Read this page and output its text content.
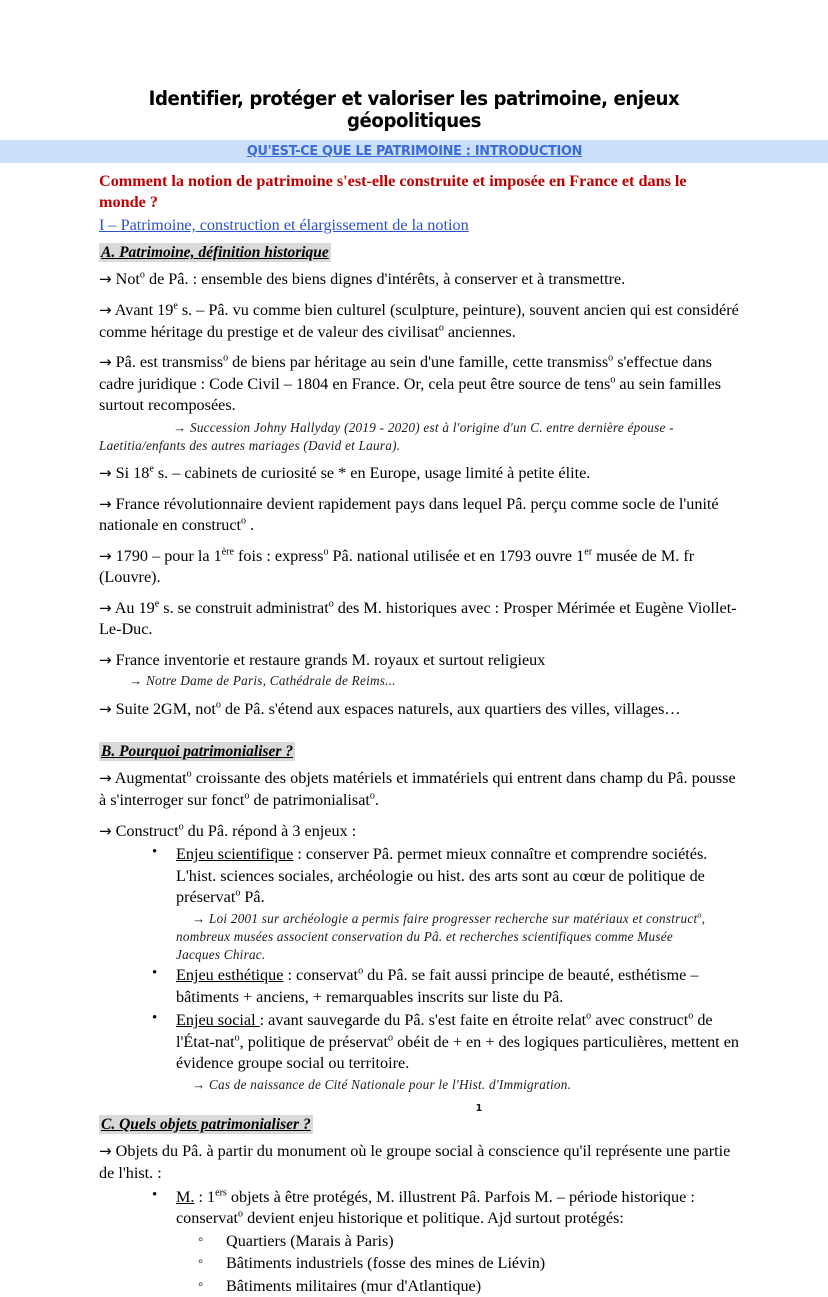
Identifier, protéger et valoriser les patrimoine, enjeux géopolitiques
QU'EST-CE QUE LE PATRIMOINE : INTRODUCTION

Comment la notion de patrimoine s'est-elle construite et imposée en France et dans le
monde ?

I – Patrimoine, construction et élargissement de la notion

A. Patrimoine, définition historique

→ Not$^o$ de Pâ. : ensemble des biens dignes d'intérêts, à conserver et à transmettre.

→ Avant 19e s. – Pâ. vu comme bien culturel (sculpture, peinture), souvent ancien qui est considéré comme héritage du prestige et de valeur des civilisat$^o$ anciennes.

→ Pâ. est transmiss$^o$ de biens par héritage au sein d'une famille, cette transmiss$^o$ s'effectue dans cadre juridique : Code Civil – 1804 en France. Or, cela peut être source de tens$^o$ au sein familles surtout recomposées.

→ Succession Johny Hallyday (2019 - 2020) est à l'origine d'un C. entre dernière épouse -

Laetitia/enfants des autres mariages (David et Laura).

→ Si 18e s. – cabinets de curiosité se * en Europe, usage limité à petite élite.

→ France révolutionnaire devient rapidement pays dans lequel Pâ. perçu comme socle de l'unité nationale en construct$^o$ .

→ 1790 – pour la 1ère fois : express$^o$ Pâ. national utilisée et en 1793 ouvre 1er musée de M. fr (Louvre).

→ Au 19e s. se construit administrat$^o$ des M. historiques avec : Prosper Mérimée et Eugène Viollet-Le-Duc.

→ France inventorie et restaure grands M. royaux et surtout religieux

→ Notre Dame de Paris, Cathédrale de Reims...

→ Suite 2GM, not$^o$ de Pâ. s'étend aux espaces naturels, aux quartiers des villes, villages…

B. Pourquoi patrimonialiser ?

→ Augmentat$^o$ croissante des objets matériels et immatériels qui entrent dans champ du Pâ. pousse à s'interroger sur fonct$^o$ de patrimonialisat$^o$.

→ Construct$^o$ du Pâ. répond à 3 enjeux :

• Enjeu scientifique : conserver Pâ. permet mieux connaître et comprendre sociétés. L'hist. sciences sociales, archéologie ou hist. des arts sont au cœur de politique de préservat$^o$ Pâ.

→ Loi 2001 sur archéologie a permis faire progresser recherche sur matériaux et construct$^o$,

nombreux musées associent conservation du Pâ. et recherches scientifiques comme Musée

Jacques Chirac.

• Enjeu esthétique : conservat$^o$ du Pâ. se fait aussi principe de beauté, esthétisme – bâtiments + anciens, + remarquables inscrits sur liste du Pâ.
• Enjeu social : avant sauvegarde du Pâ. s'est faite en étroite relat$^o$ avec construct$^o$ de l'État-nat$^o$, politique de préservat$^o$ obéit de + en + des logiques particulières, mettent en évidence groupe social ou territoire.

→ Cas de naissance de Cité Nationale pour le l'Hist. d'Immigration.

C. Quels objets patrimonialiser ?

→ Objets du Pâ. à partir du monument où le groupe social à conscience qu'il représente une partie de l'hist. :

• M. : 1ers objets à être protégés, M. illustrent Pâ. Parfois M. – période historique : conservat$^o$ devient enjeu historique et politique. Ajd surtout protégés:
◦ Quartiers (Marais à Paris)
◦ Bâtiments industriels (fosse des mines de Liévin)
◦ Bâtiments militaires (mur d'Atlantique)
1
